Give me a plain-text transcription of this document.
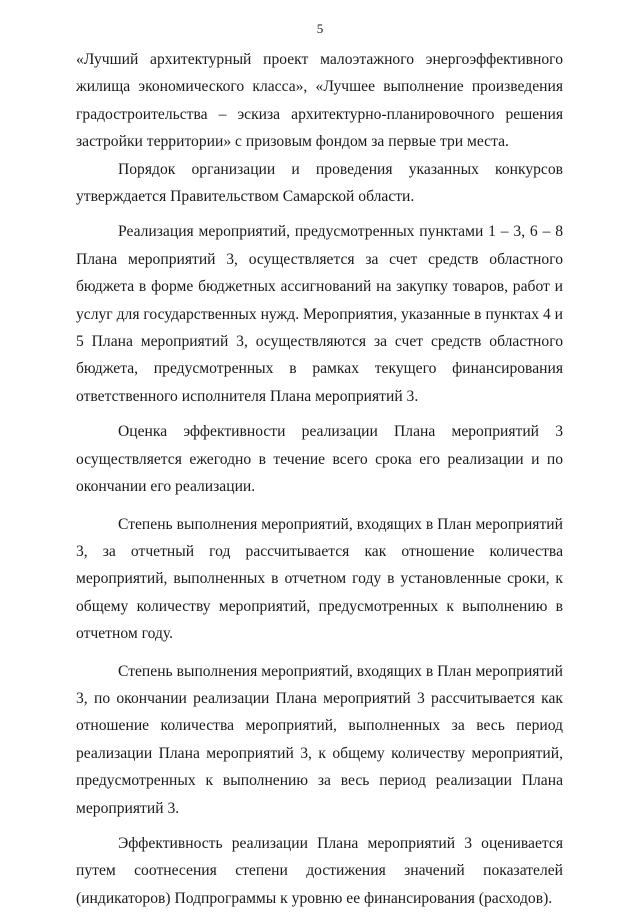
5

«Лучший архитектурный проект малоэтажного энергоэффективного жилища экономического класса», «Лучшее выполнение произведения градостроительства – эскиза архитектурно-планировочного решения застройки территории» с призовым фондом за первые три места.

Порядок организации и проведения указанных конкурсов утверждается Правительством Самарской области.

Реализация мероприятий, предусмотренных пунктами 1 – 3, 6 – 8 Плана мероприятий 3, осуществляется за счет средств областного бюджета в форме бюджетных ассигнований на закупку товаров, работ и услуг для государственных нужд. Мероприятия, указанные в пунктах 4 и 5 Плана мероприятий 3, осуществляются за счет средств областного бюджета, предусмотренных в рамках текущего финансирования ответственного исполнителя Плана мероприятий 3.

Оценка эффективности реализации Плана мероприятий 3 осуществляется ежегодно в течение всего срока его реализации и по окончании его реализации.

Степень выполнения мероприятий, входящих в План мероприятий 3, за отчетный год рассчитывается как отношение количества мероприятий, выполненных в отчетном году в установленные сроки, к общему количеству мероприятий, предусмотренных к выполнению в отчетном году.

Степень выполнения мероприятий, входящих в План мероприятий 3, по окончании реализации Плана мероприятий 3 рассчитывается как отношение количества мероприятий, выполненных за весь период реализации Плана мероприятий 3, к общему количеству мероприятий, предусмотренных к выполнению за весь период реализации Плана мероприятий 3.

Эффективность реализации Плана мероприятий 3 оценивается путем соотнесения степени достижения значений показателей (индикаторов) Подпрограммы к уровню ее финансирования (расходов).
